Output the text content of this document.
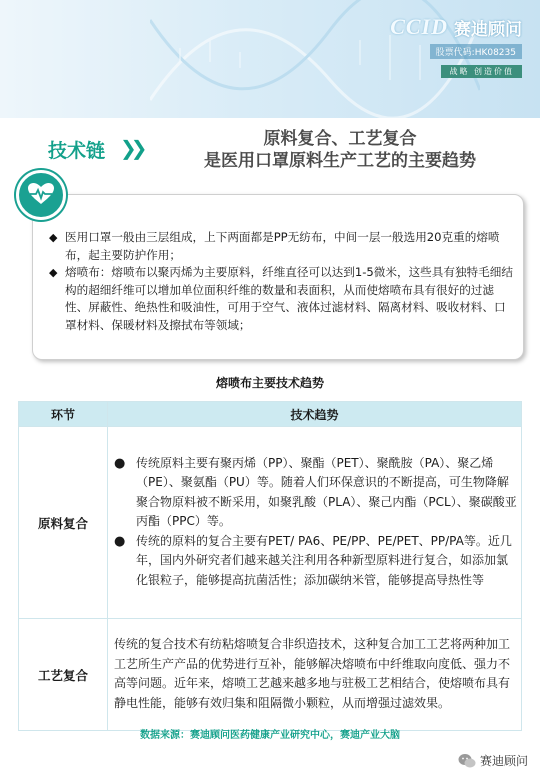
CCID 赛迪顾问
股票代码:HK08235
战略 创造价值
技术链 ❯❯	原料复合、工艺复合
是医用口罩原料生产工艺的主要趋势
◆ 医用口罩一般由三层组成，上下两面都是PP无纺布，中间一层一般选用20克重的熔喷布，起主要防护作用；
◆ 熔喷布：熔喷布以聚丙烯为主要原料，纤维直径可以达到1-5微米，这些具有独特毛细结构的超细纤维可以增加单位面积纤维的数量和表面积，从而使熔喷布具有很好的过滤性、屏蔽性、绝热性和吸油性，可用于空气、液体过滤材料、隔离材料、吸收材料、口罩材料、保暖材料及擦拭布等领域；
熔喷布主要技术趋势
环节	技术趋势
原料复合	● 传统原料主要有聚丙烯（PP）、聚酯（PET）、聚酰胺（PA）、聚乙烯（PE）、聚氨酯（PU）等。随着人们环保意识的不断提高，可生物降解聚合物原料被不断采用，如聚乳酸（PLA）、聚己内酯（PCL）、聚碳酸亚丙酯（PPC）等。
● 传统的原料的复合主要有PET/ PA6、PE/PP、PE/PET、PP/PA等。近几年，国内外研究者们越来越关注利用各种新型原料进行复合，如添加氯化银粒子，能够提高抗菌活性；添加碳纳米管，能够提高导热性等

工艺复合	传统的复合技术有纺粘熔喷复合非织造技术，这种复合加工工艺将两种加工工艺所生产产品的优势进行互补，能够解决熔喷布中纤维取向度低、强力不高等问题。近年来，熔喷工艺越来越多地与驻极工艺相结合，使熔喷布具有静电性能，能够有效归集和阻隔微小颗粒，从而增强过滤效果。
数据来源：赛迪顾问医药健康产业研究中心，赛迪产业大脑
赛迪顾问
